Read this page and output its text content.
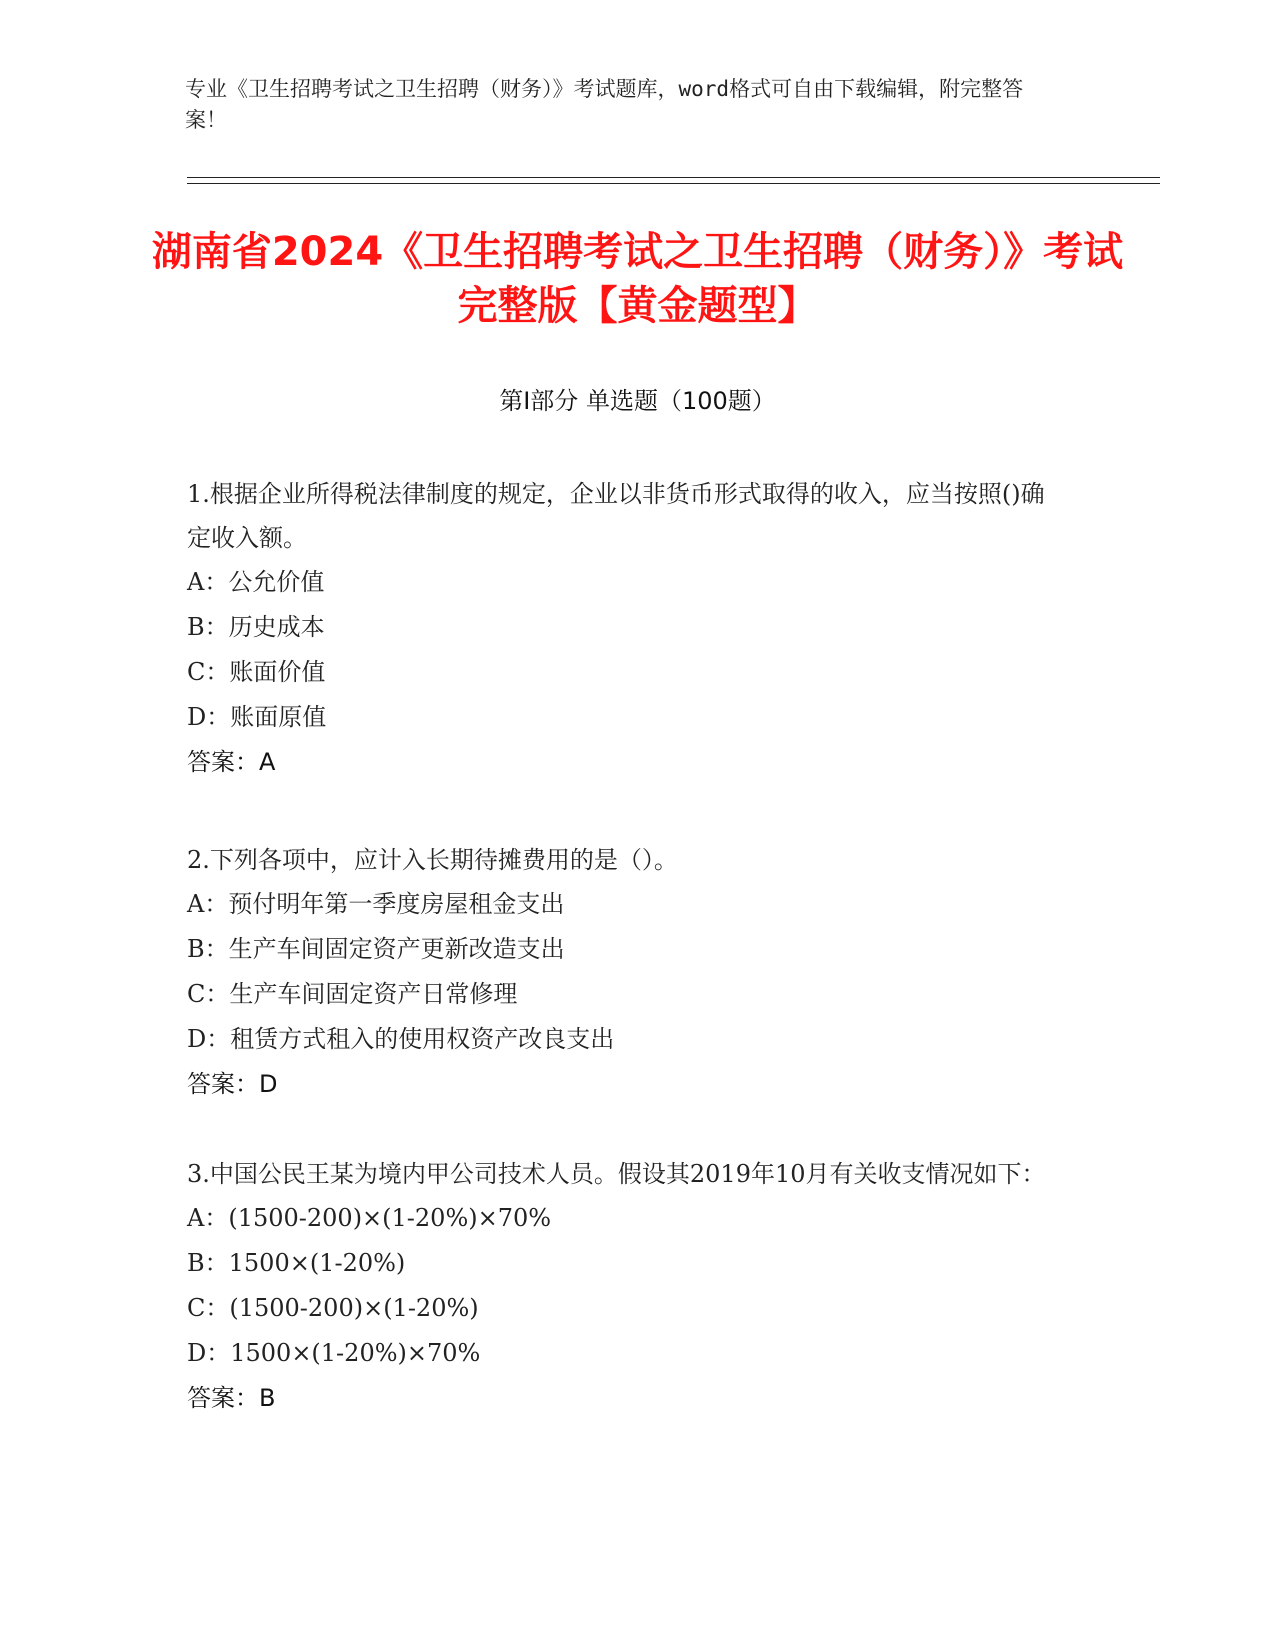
专业《卫生招聘考试之卫生招聘（财务）》考试题库，word格式可自由下载编辑，附完整答案！
湖南省2024《卫生招聘考试之卫生招聘（财务）》考试完整版【黄金题型】
第I部分 单选题（100题）

1.根据企业所得税法律制度的规定，企业以非货币形式取得的收入，应当按照()确定收入额。

A：公允价值

B：历史成本

C：账面价值

D：账面原值

答案：A

2.下列各项中，应计入长期待摊费用的是（）。

A：预付明年第一季度房屋租金支出

B：生产车间固定资产更新改造支出

C：生产车间固定资产日常修理

D：租赁方式租入的使用权资产改良支出

答案：D

3.中国公民王某为境内甲公司技术人员。假设其2019年10月有关收支情况如下：

A：(1500-200)×(1-20%)×70%

B：1500×(1-20%)

C：(1500-200)×(1-20%)

D：1500×(1-20%)×70%

答案：B
